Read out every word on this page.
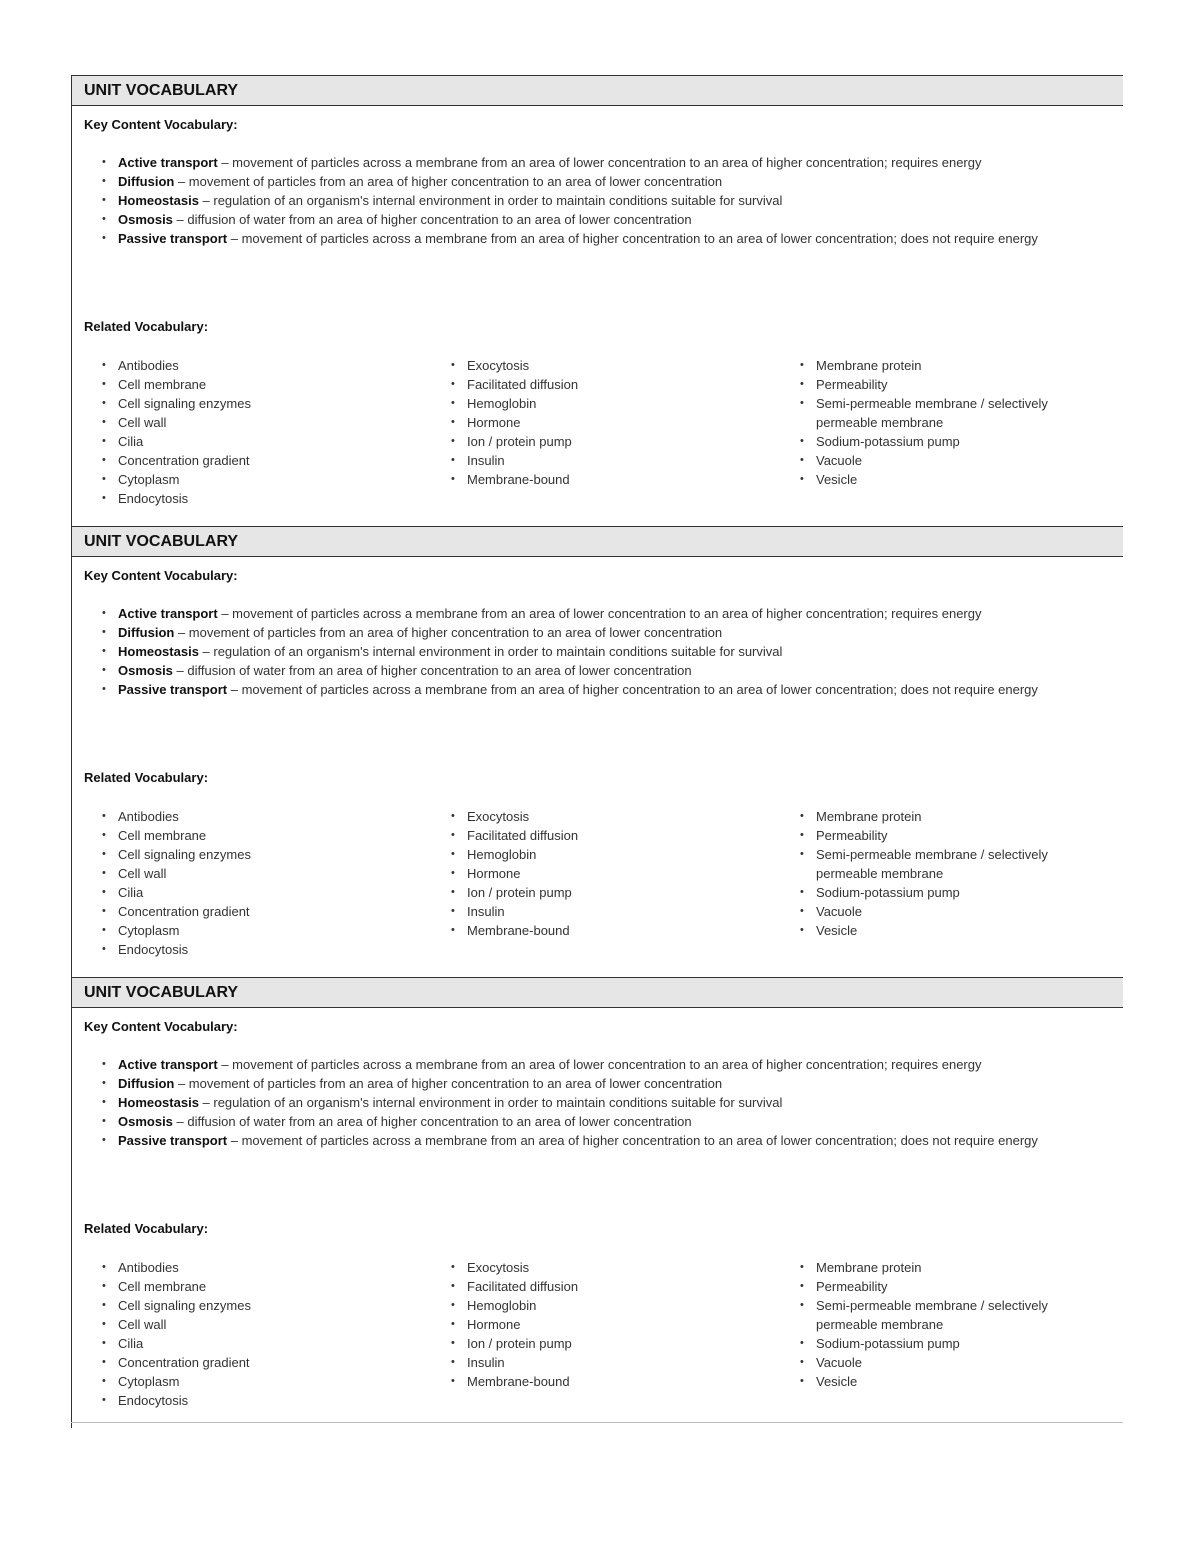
UNIT VOCABULARY
Key Content Vocabulary:
• Active transport – movement of particles across a membrane from an area of lower concentration to an area of higher concentration; requires energy
• Diffusion – movement of particles from an area of higher concentration to an area of lower concentration
• Homeostasis – regulation of an organism's internal environment in order to maintain conditions suitable for survival
• Osmosis – diffusion of water from an area of higher concentration to an area of lower concentration
• Passive transport – movement of particles across a membrane from an area of higher concentration to an area of lower concentration; does not require energy
Related Vocabulary:
• Antibodies
• Cell membrane
• Cell signaling enzymes
• Cell wall
• Cilia
• Concentration gradient
• Cytoplasm
• Endocytosis
• Exocytosis
• Facilitated diffusion
• Hemoglobin
• Hormone
• Ion / protein pump
• Insulin
• Membrane-bound
• Membrane protein
• Permeability
• Semi-permeable membrane / selectively permeable membrane
• Sodium-potassium pump
• Vacuole
• Vesicle
UNIT VOCABULARY
Key Content Vocabulary:
• Active transport – movement of particles across a membrane from an area of lower concentration to an area of higher concentration; requires energy
• Diffusion – movement of particles from an area of higher concentration to an area of lower concentration
• Homeostasis – regulation of an organism's internal environment in order to maintain conditions suitable for survival
• Osmosis – diffusion of water from an area of higher concentration to an area of lower concentration
• Passive transport – movement of particles across a membrane from an area of higher concentration to an area of lower concentration; does not require energy
Related Vocabulary:
• Antibodies
• Cell membrane
• Cell signaling enzymes
• Cell wall
• Cilia
• Concentration gradient
• Cytoplasm
• Endocytosis
• Exocytosis
• Facilitated diffusion
• Hemoglobin
• Hormone
• Ion / protein pump
• Insulin
• Membrane-bound
• Membrane protein
• Permeability
• Semi-permeable membrane / selectively permeable membrane
• Sodium-potassium pump
• Vacuole
• Vesicle
UNIT VOCABULARY
Key Content Vocabulary:
• Active transport – movement of particles across a membrane from an area of lower concentration to an area of higher concentration; requires energy
• Diffusion – movement of particles from an area of higher concentration to an area of lower concentration
• Homeostasis – regulation of an organism's internal environment in order to maintain conditions suitable for survival
• Osmosis – diffusion of water from an area of higher concentration to an area of lower concentration
• Passive transport – movement of particles across a membrane from an area of higher concentration to an area of lower concentration; does not require energy
Related Vocabulary:
• Antibodies
• Cell membrane
• Cell signaling enzymes
• Cell wall
• Cilia
• Concentration gradient
• Cytoplasm
• Endocytosis
• Exocytosis
• Facilitated diffusion
• Hemoglobin
• Hormone
• Ion / protein pump
• Insulin
• Membrane-bound
• Membrane protein
• Permeability
• Semi-permeable membrane / selectively permeable membrane
• Sodium-potassium pump
• Vacuole
• Vesicle
